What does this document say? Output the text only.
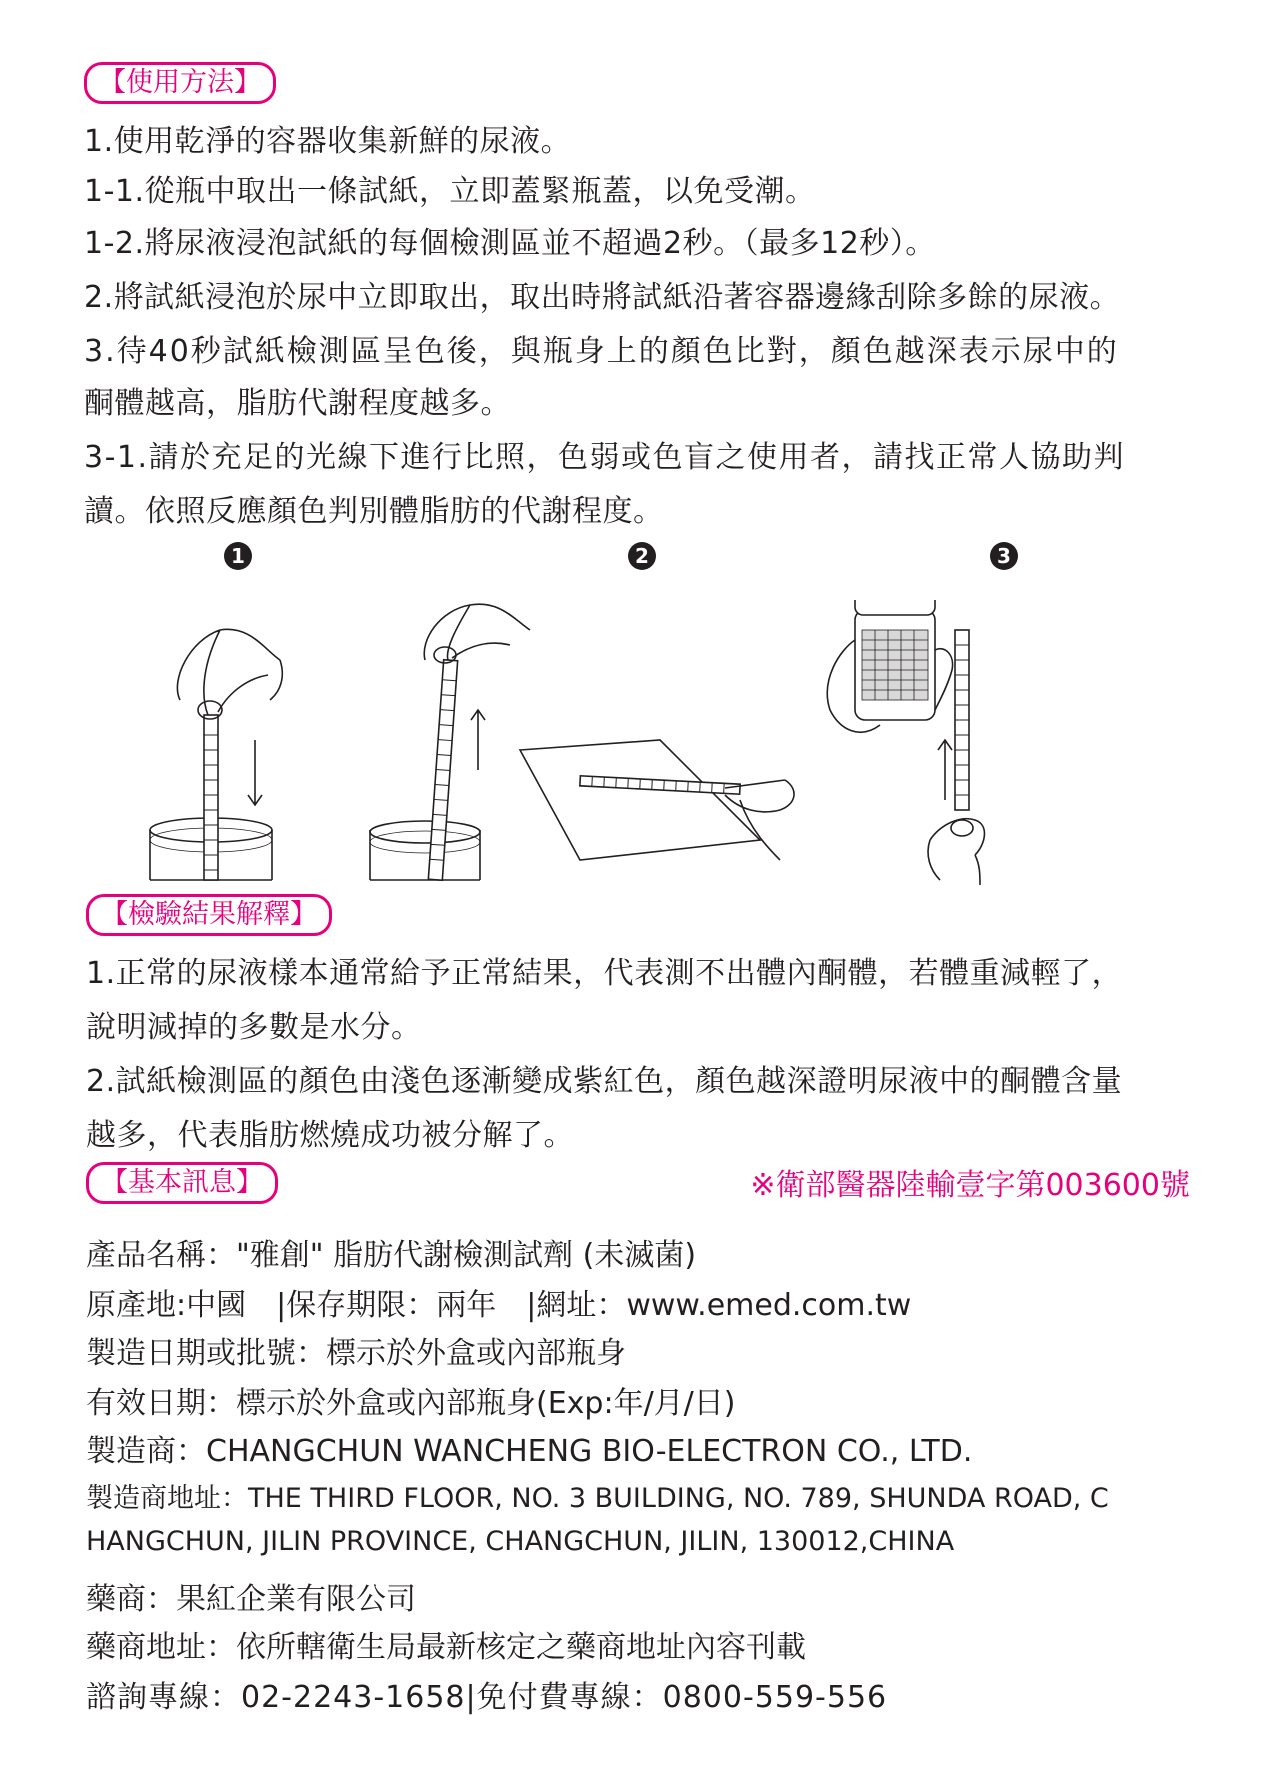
【使用方法】
1.使用乾淨的容器收集新鮮的尿液。
1-1.從瓶中取出一條試紙，立即蓋緊瓶蓋，以免受潮。
1-2.將尿液浸泡試紙的每個檢測區並不超過2秒。（最多12秒）。
2.將試紙浸泡於尿中立即取出，取出時將試紙沿著容器邊緣刮除多餘的尿液。
3.待40秒試紙檢測區呈色後，與瓶身上的顏色比對，顏色越深表示尿中的
酮體越高，脂肪代謝程度越多。
3-1.請於充足的光線下進行比照，色弱或色盲之使用者，請找正常人協助判
讀。依照反應顏色判別體脂肪的代謝程度。
1	2	3
【檢驗結果解釋】
1.正常的尿液樣本通常給予正常結果，代表測不出體內酮體，若體重減輕了，
說明減掉的多數是水分。
2.試紙檢測區的顏色由淺色逐漸變成紫紅色，顏色越深證明尿液中的酮體含量
越多，代表脂肪燃燒成功被分解了。
【基本訊息】	※衛部醫器陸輸壹字第003600號
產品名稱："雅創" 脂肪代謝檢測試劑 (未滅菌)
原產地:中國　|保存期限：兩年　|網址：www.emed.com.tw
製造日期或批號：標示於外盒或內部瓶身
有效日期：標示於外盒或內部瓶身(Exp:年/月/日)
製造商：CHANGCHUN WANCHENG BIO-ELECTRON CO., LTD.
製造商地址：THE THIRD FLOOR, NO. 3 BUILDING, NO. 789, SHUNDA ROAD, C
HANGCHUN, JILIN PROVINCE, CHANGCHUN, JILIN, 130012,CHINA
藥商：果紅企業有限公司
藥商地址：依所轄衛生局最新核定之藥商地址內容刊載
諮詢專線：02-2243-1658|免付費專線：0800-559-556
